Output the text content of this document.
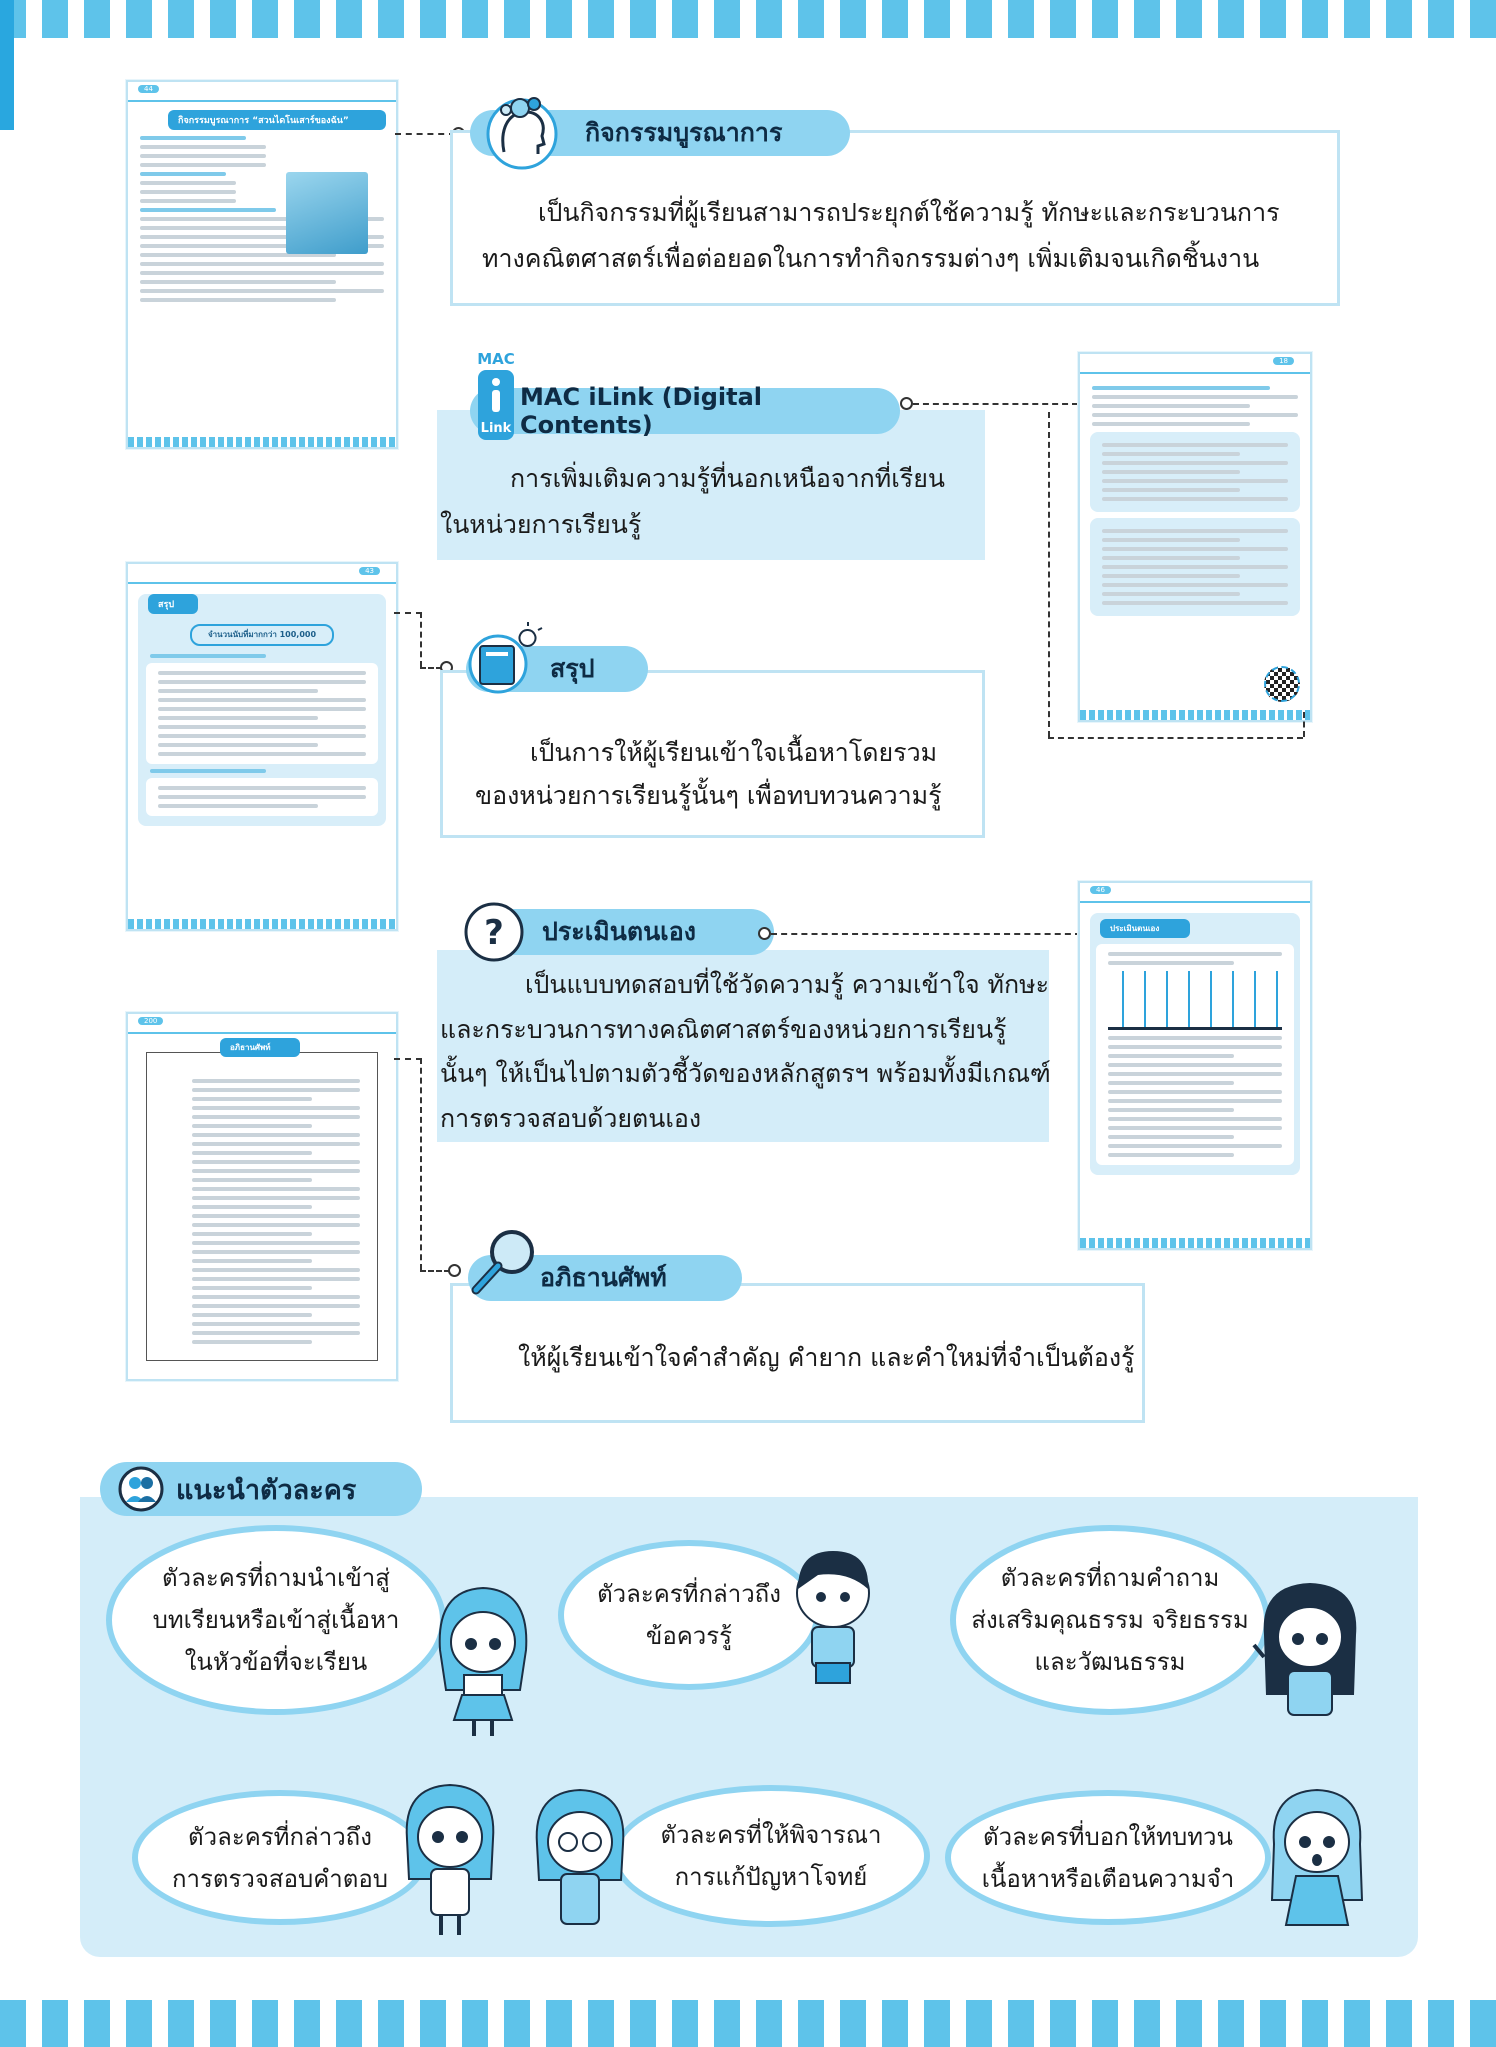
44
กิจกรรมบูรณาการ “สวนไดโนเสาร์ของฉัน”	กิจกรรมบูรณาการ
เป็นกิจกรรมที่ผู้เรียนสามารถประยุกต์ใช้ความรู้ ทักษะและกระบวนการ
ทางคณิตศาสตร์เพื่อต่อยอดในการทำกิจกรรมต่างๆ เพิ่มเติมจนเกิดชิ้นงาน
MAC iLink (Digital Contents)
MAC
Link
การเพิ่มเติมความรู้ที่นอกเหนือจากที่เรียน
ในหน่วยการเรียนรู้
18
43
สรุป
จำนวนนับที่มากกว่า 100,000
สรุป
เป็นการให้ผู้เรียนเข้าใจเนื้อหาโดยรวม
ของหน่วยการเรียนรู้นั้นๆ เพื่อทบทวนความรู้
ประเมินตนเอง
?
เป็นแบบทดสอบที่ใช้วัดความรู้ ความเข้าใจ ทักษะ
และกระบวนการทางคณิตศาสตร์ของหน่วยการเรียนรู้
นั้นๆ ให้เป็นไปตามตัวชี้วัดของหลักสูตรฯ พร้อมทั้งมีเกณฑ์
การตรวจสอบด้วยตนเอง
46
ประเมินตนเอง
200
อภิธานศัพท์
อภิธานศัพท์
ให้ผู้เรียนเข้าใจคำสำคัญ คำยาก และคำใหม่ที่จำเป็นต้องรู้
แนะนำตัวละคร
ตัวละครที่ถามนำเข้าสู่
บทเรียนหรือเข้าสู่เนื้อหา
ในหัวข้อที่จะเรียน
ตัวละครที่กล่าวถึง
ข้อควรรู้
ตัวละครที่ถามคำถาม
ส่งเสริมคุณธรรม จริยธรรม
และวัฒนธรรม
ตัวละครที่กล่าวถึง
การตรวจสอบคำตอบ
ตัวละครที่ให้พิจารณา
การแก้ปัญหาโจทย์
ตัวละครที่บอกให้ทบทวน
เนื้อหาหรือเตือนความจำ
